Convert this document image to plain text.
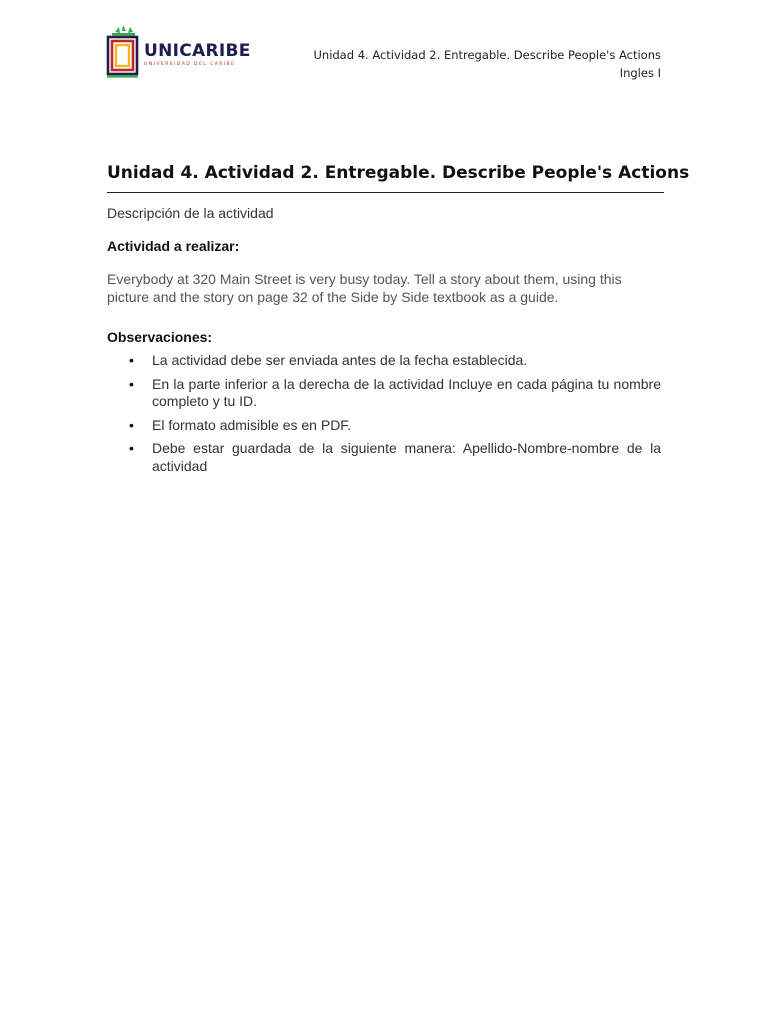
UNICARIBE
UNIVERSIDAD DEL CARIBE
Unidad 4. Actividad 2. Entregable. Describe People's Actions
Ingles I
Unidad 4. Actividad 2. Entregable. Describe People's Actions
Descripción de la actividad
Actividad a realizar:
Everybody at 320 Main Street is very busy today. Tell a story about them, using this picture and the story on page 32 of the Side by Side textbook as a guide.
Observaciones:
• La actividad debe ser enviada antes de la fecha establecida.
• En la parte inferior a la derecha de la actividad Incluye en cada página tu nombre completo y tu ID.
• El formato admisible es en PDF.
• Debe estar guardada de la siguiente manera: Apellido-Nombre-nombre de la actividad
